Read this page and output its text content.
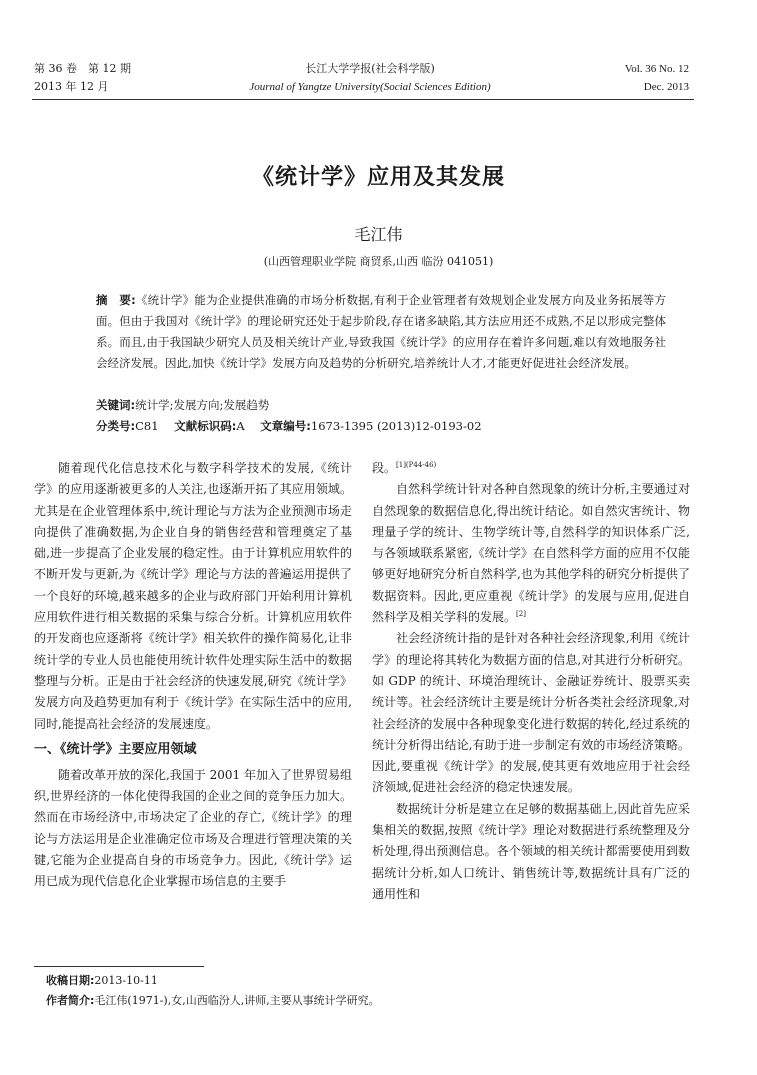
第 36 卷　第 12 期
2013 年 12 月
长江大学学报(社会科学版)
Journal of Yangtze University(Social Sciences Edition)
Vol. 36 No. 12
Dec. 2013
《统计学》应用及其发展
毛江伟
(山西管理职业学院 商贸系,山西 临汾 041051)
摘　要:《统计学》能为企业提供准确的市场分析数据,有利于企业管理者有效规划企业发展方向及业务拓展等方面。但由于我国对《统计学》的理论研究还处于起步阶段,存在诸多缺陷,其方法应用还不成熟,不足以形成完整体系。而且,由于我国缺少研究人员及相关统计产业,导致我国《统计学》的应用存在着许多问题,难以有效地服务社会经济发展。因此,加快《统计学》发展方向及趋势的分析研究,培养统计人才,才能更好促进社会经济发展。
关键词:统计学;发展方向;发展趋势
分类号:C81 文献标识码:A 文章编号:1673-1395 (2013)12-0193-02

随着现代化信息技术化与数字科学技术的发展,《统计学》的应用逐渐被更多的人关注,也逐渐开拓了其应用领域。尤其是在企业管理体系中,统计理论与方法为企业预测市场走向提供了准确数据,为企业自身的销售经营和管理奠定了基础,进一步提高了企业发展的稳定性。由于计算机应用软件的不断开发与更新,为《统计学》理论与方法的普遍运用提供了一个良好的环境,越来越多的企业与政府部门开始利用计算机应用软件进行相关数据的采集与综合分析。计算机应用软件的开发商也应逐渐将《统计学》相关软件的操作简易化,让非统计学的专业人员也能使用统计软件处理实际生活中的数据整理与分析。正是由于社会经济的快速发展,研究《统计学》发展方向及趋势更加有利于《统计学》在实际生活中的应用,同时,能提高社会经济的发展速度。

一、《统计学》主要应用领域

随着改革开放的深化,我国于 2001 年加入了世界贸易组织,世界经济的一体化使得我国的企业之间的竞争压力加大。然而在市场经济中,市场决定了企业的存亡,《统计学》的理论与方法运用是企业准确定位市场及合理进行管理决策的关键,它能为企业提高自身的市场竞争力。因此,《统计学》运用已成为现代信息化企业掌握市场信息的主要手

段。$^{[1](P44-46)}$

自然科学统计针对各种自然现象的统计分析,主要通过对自然现象的数据信息化,得出统计结论。如自然灾害统计、物理量子学的统计、生物学统计等,自然科学的知识体系广泛,与各领域联系紧密,《统计学》在自然科学方面的应用不仅能够更好地研究分析自然科学,也为其他学科的研究分析提供了数据资料。因此,更应重视《统计学》的发展与应用,促进自然科学及相关学科的发展。[2]

社会经济统计指的是针对各种社会经济现象,利用《统计学》的理论将其转化为数据方面的信息,对其进行分析研究。如 GDP 的统计、环境治理统计、金融证券统计、股票买卖统计等。社会经济统计主要是统计分析各类社会经济现象,对社会经济的发展中各种现象变化进行数据的转化,经过系统的统计分析得出结论,有助于进一步制定有效的市场经济策略。因此,要重视《统计学》的发展,使其更有效地应用于社会经济领域,促进社会经济的稳定快速发展。

数据统计分析是建立在足够的数据基础上,因此首先应采集相关的数据,按照《统计学》理论对数据进行系统整理及分析处理,得出预测信息。各个领域的相关统计都需要使用到数据统计分析,如人口统计、销售统计等,数据统计具有广泛的通用性和

收稿日期:2013-10-11
作者简介:毛江伟(1971-),女,山西临汾人,讲师,主要从事统计学研究。
